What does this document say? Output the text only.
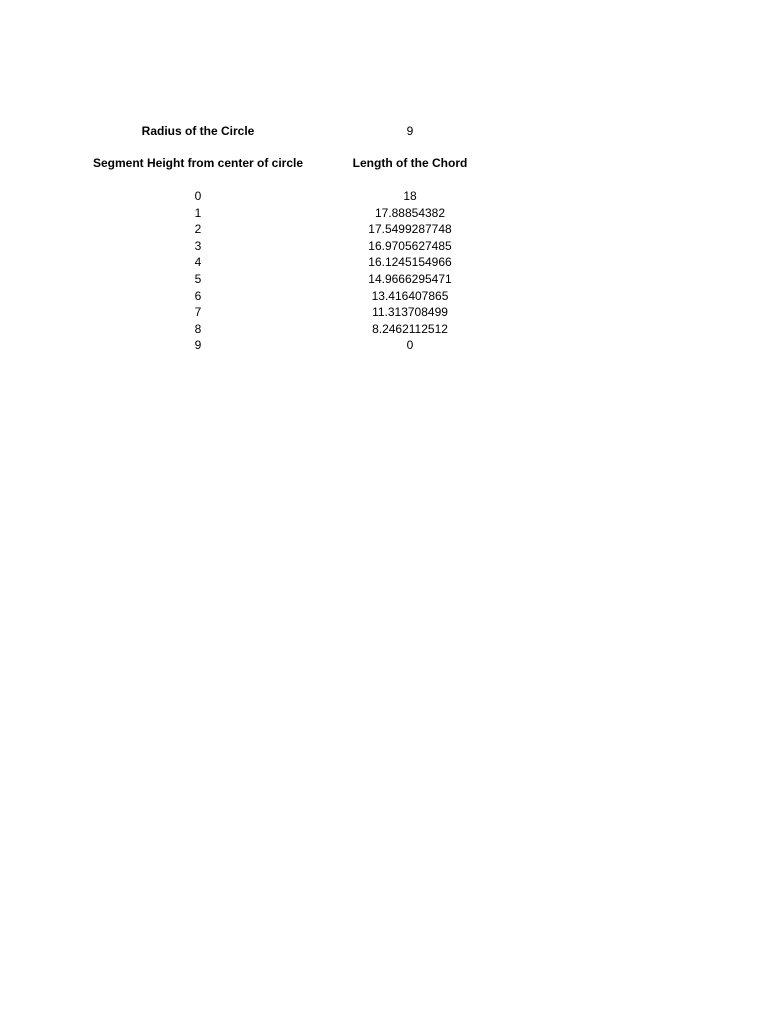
Radius of the Circle	9
Segment Height from center of circle	Length of the Chord
0	18
1	17.88854382
2	17.5499287748
3	16.9705627485
4	16.1245154966
5	14.9666295471
6	13.416407865
7	11.313708499
8	8.2462112512
9	0
